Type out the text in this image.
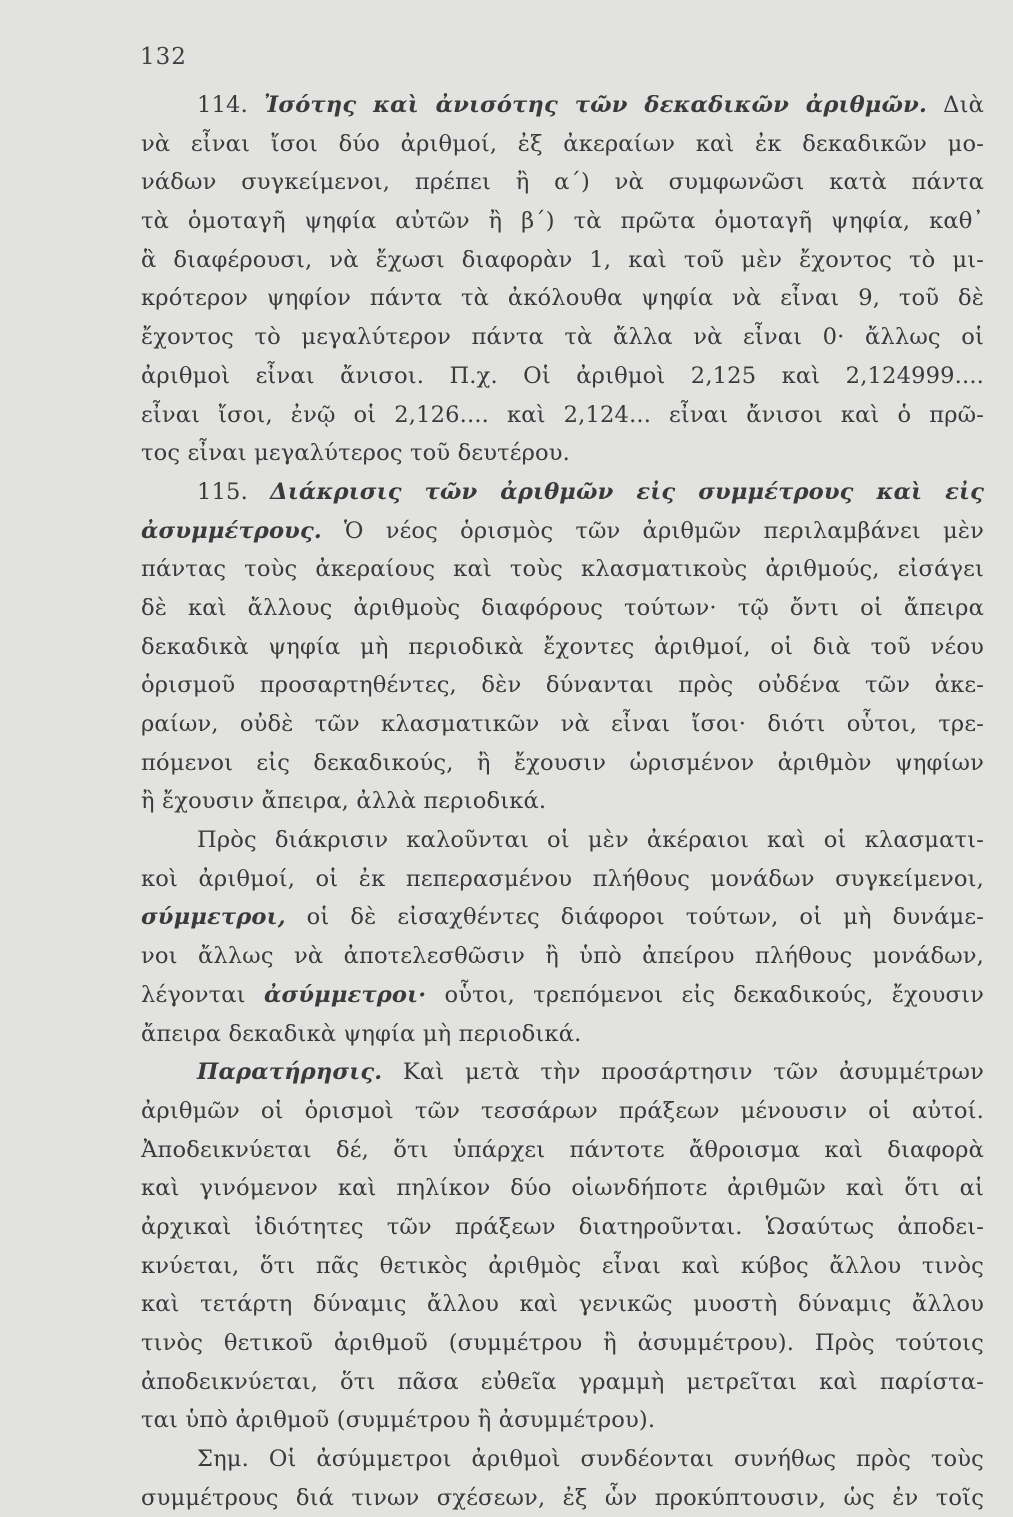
132
114. Ἰσότης καὶ ἀνισότης τῶν δεκαδικῶν ἀριθμῶν. Διὰ
νὰ εἶναι ἴσοι δύο ἀριθμοί, ἐξ ἀκεραίων καὶ ἐκ δεκαδικῶν μο-
νάδων συγκείμενοι, πρέπει ἢ α΄) νὰ συμφωνῶσι κατὰ πάντα
τὰ ὁμοταγῆ ψηφία αὐτῶν ἢ β΄) τὰ πρῶτα ὁμοταγῆ ψηφία, καθ᾿
ἃ διαφέρουσι, νὰ ἔχωσι διαφορὰν 1, καὶ τοῦ μὲν ἔχοντος τὸ μι-
κρότερον ψηφίον πάντα τὰ ἀκόλουθα ψηφία νὰ εἶναι 9, τοῦ δὲ
ἔχοντος τὸ μεγαλύτερον πάντα τὰ ἄλλα νὰ εἶναι 0· ἄλλως οἱ
ἀριθμοὶ εἶναι ἄνισοι. Π.χ. Οἱ ἀριθμοὶ 2,125 καὶ 2,124999....
εἶναι ἴσοι, ἐνῷ οἱ 2,126.... καὶ 2,124... εἶναι ἄνισοι καὶ ὁ πρῶ-
τος εἶναι μεγαλύτερος τοῦ δευτέρου.
115. Διάκρισις τῶν ἀριθμῶν εἰς συμμέτρους καὶ εἰς
ἀσυμμέτρους. Ὁ νέος ὁρισμὸς τῶν ἀριθμῶν περιλαμβάνει μὲν
πάντας τοὺς ἀκεραίους καὶ τοὺς κλασματικοὺς ἀριθμούς, εἰσάγει
δὲ καὶ ἄλλους ἀριθμοὺς διαφόρους τούτων· τῷ ὄντι οἱ ἄπειρα
δεκαδικὰ ψηφία μὴ περιοδικὰ ἔχοντες ἀριθμοί, οἱ διὰ τοῦ νέου
ὁρισμοῦ προσαρτηθέντες, δὲν δύνανται πρὸς οὐδένα τῶν ἀκε-
ραίων, οὐδὲ τῶν κλασματικῶν νὰ εἶναι ἴσοι· διότι οὗτοι, τρε-
πόμενοι εἰς δεκαδικούς, ἢ ἔχουσιν ὡρισμένον ἀριθμὸν ψηφίων
ἢ ἔχουσιν ἄπειρα, ἀλλὰ περιοδικά.
Πρὸς διάκρισιν καλοῦνται οἱ μὲν ἀκέραιοι καὶ οἱ κλασματι-
κοὶ ἀριθμοί, οἱ ἐκ πεπερασμένου πλήθους μονάδων συγκείμενοι,
σύμμετροι, οἱ δὲ εἰσαχθέντες διάφοροι τούτων, οἱ μὴ δυνάμε-
νοι ἄλλως νὰ ἀποτελεσθῶσιν ἢ ὑπὸ ἀπείρου πλήθους μονάδων,
λέγονται ἀσύμμετροι· οὗτοι, τρεπόμενοι εἰς δεκαδικούς, ἔχουσιν
ἄπειρα δεκαδικὰ ψηφία μὴ περιοδικά.
Παρατήρησις. Καὶ μετὰ τὴν προσάρτησιν τῶν ἀσυμμέτρων
ἀριθμῶν οἱ ὁρισμοὶ τῶν τεσσάρων πράξεων μένουσιν οἱ αὐτοί.
Ἀποδεικνύεται δέ, ὅτι ὑπάρχει πάντοτε ἄθροισμα καὶ διαφορὰ
καὶ γινόμενον καὶ πηλίκον δύο οἱωνδήποτε ἀριθμῶν καὶ ὅτι αἱ
ἀρχικαὶ ἰδιότητες τῶν πράξεων διατηροῦνται. Ὡσαύτως ἀποδει-
κνύεται, ὅτι πᾶς θετικὸς ἀριθμὸς εἶναι καὶ κύβος ἄλλου τινὸς
καὶ τετάρτη δύναμις ἄλλου καὶ γενικῶς μυοστὴ δύναμις ἄλλου
τινὸς θετικοῦ ἀριθμοῦ (συμμέτρου ἢ ἀσυμμέτρου). Πρὸς τούτοις
ἀποδεικνύεται, ὅτι πᾶσα εὐθεῖα γραμμὴ μετρεῖται καὶ παρίστα-
ται ὑπὸ ἀριθμοῦ (συμμέτρου ἢ ἀσυμμέτρου).
Σημ. Οἱ ἀσύμμετροι ἀριθμοὶ συνδέονται συνήθως πρὸς τοὺς
συμμέτρους διά τινων σχέσεων, ἐξ ὧν προκύπτουσιν, ὡς ἐν τοῖς
